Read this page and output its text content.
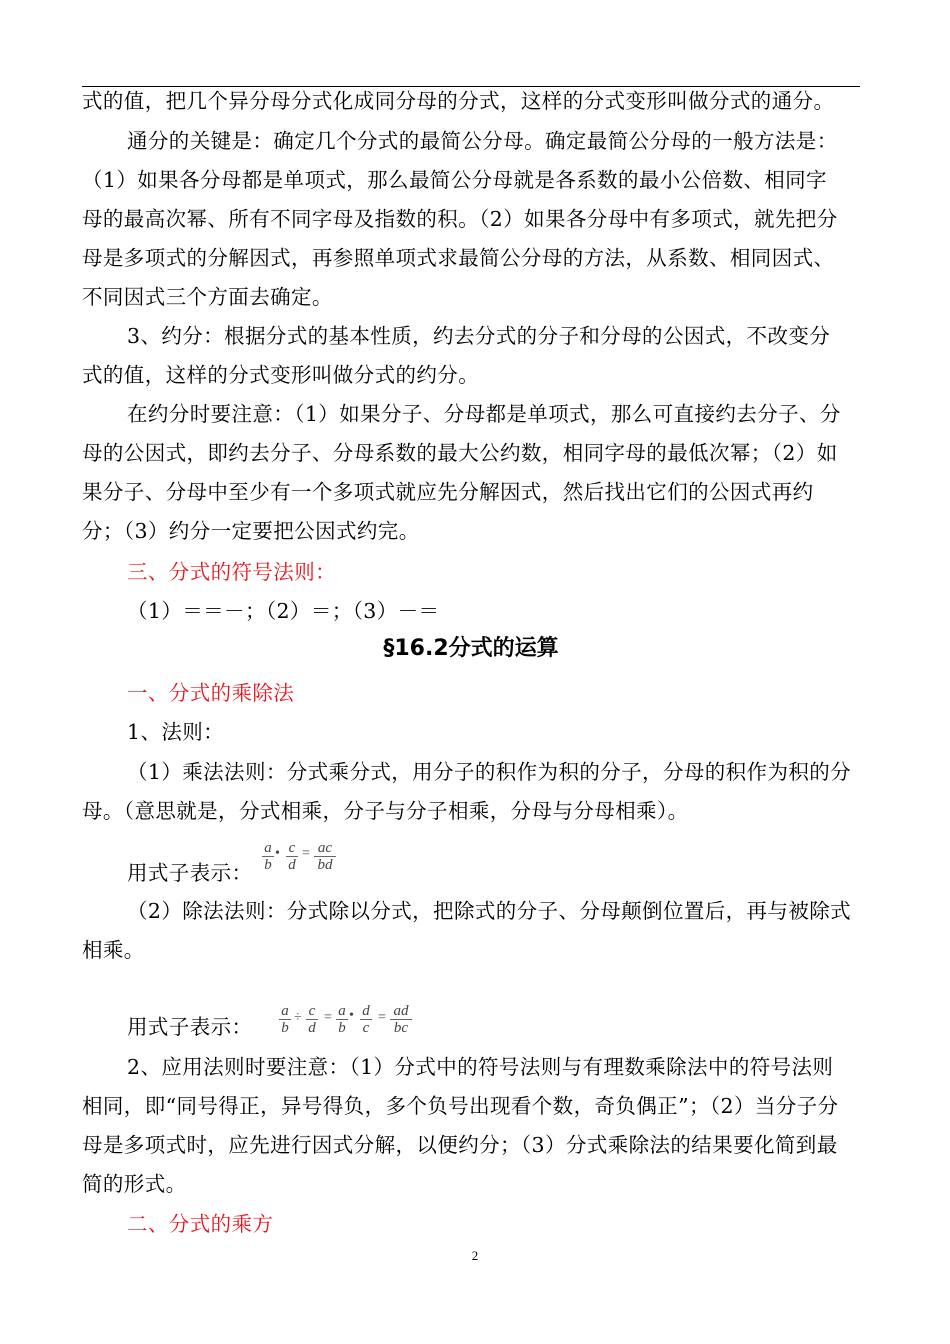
式的值，把几个异分母分式化成同分母的分式，这样的分式变形叫做分式的通分。
通分的关键是：确定几个分式的最简公分母。确定最简公分母的一般方法是：
（1）如果各分母都是单项式，那么最简公分母就是各系数的最小公倍数、相同字
母的最高次幂、所有不同字母及指数的积。（2）如果各分母中有多项式，就先把分
母是多项式的分解因式，再参照单项式求最简公分母的方法，从系数、相同因式、
不同因式三个方面去确定。
3、约分：根据分式的基本性质，约去分式的分子和分母的公因式，不改变分
式的值，这样的分式变形叫做分式的约分。
在约分时要注意：（1）如果分子、分母都是单项式，那么可直接约去分子、分
母的公因式，即约去分子、分母系数的最大公约数，相同字母的最低次幂；（2）如
果分子、分母中至少有一个多项式就应先分解因式，然后找出它们的公因式再约
分；（3）约分一定要把公因式约完。
三、分式的符号法则：
（1）＝＝－；（2）＝；（3）－＝
§16.2分式的运算
一、分式的乘除法
1、法则：
（1）乘法法则：分式乘分式，用分子的积作为积的分子，分母的积作为积的分
母。（意思就是，分式相乘，分子与分子相乘，分母与分母相乘）。
用式子表示： $\frac{a}{b}$ • $\frac{c}{d} = \frac{ac}{bd}$
（2）除法法则：分式除以分式，把除式的分子、分母颠倒位置后，再与被除式
相乘。
用式子表示：	$\frac{a}{b} \div \frac{c}{d} = \frac{a}{b}$ • $\frac{d}{c} = \frac{ad}{bc}$
2、应用法则时要注意：（1）分式中的符号法则与有理数乘除法中的符号法则
相同，即“同号得正，异号得负，多个负号出现看个数，奇负偶正”；（2）当分子分
母是多项式时，应先进行因式分解，以便约分；（3）分式乘除法的结果要化简到最
简的形式。
二、分式的乘方
2
